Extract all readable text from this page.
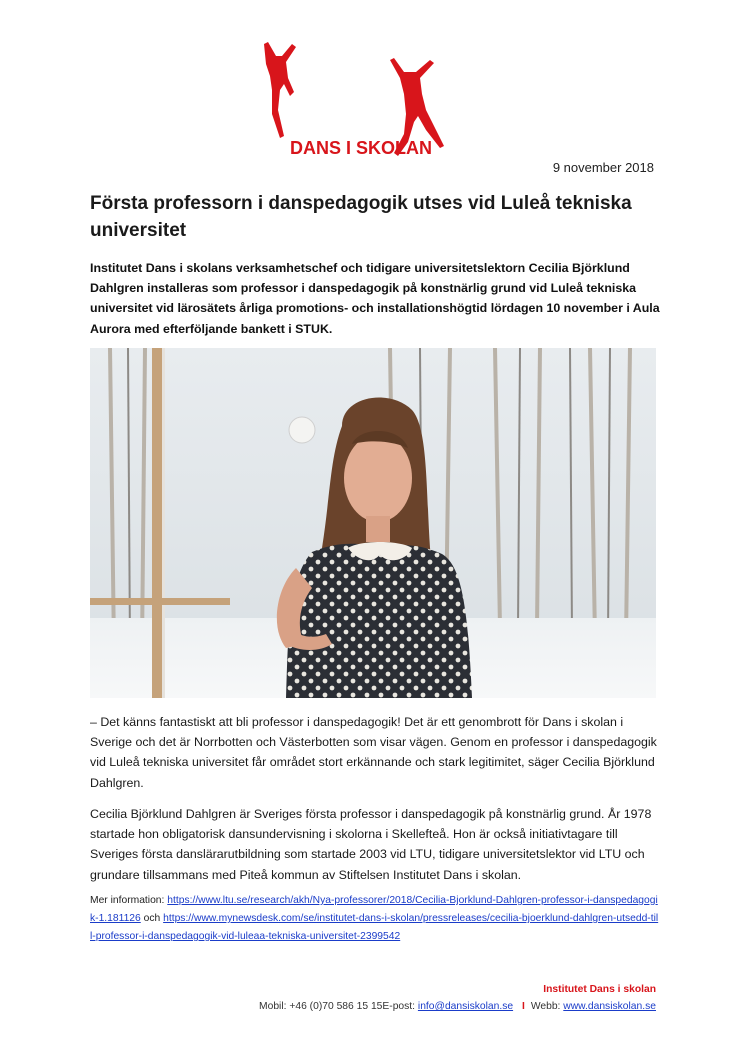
DANS I SKOLAN
9 november 2018
Första professorn i danspedagogik utses vid Luleå tekniska universitet

Institutet Dans i skolans verksamhetschef och tidigare universitetslektorn Cecilia Björklund Dahlgren installeras som professor i danspedagogik på konstnärlig grund vid Luleå tekniska universitet vid lärosätets årliga promotions- och installationshögtid lördagen 10 november i Aula Aurora med efterföljande bankett i STUK.

– Det känns fantastiskt att bli professor i danspedagogik! Det är ett genombrott för Dans i skolan i Sverige och det är Norrbotten och Västerbotten som visar vägen. Genom en professor i danspedagogik vid Luleå tekniska universitet får området stort erkännande och stark legitimitet, säger Cecilia Björklund Dahlgren.

Cecilia Björklund Dahlgren är Sveriges första professor i danspedagogik på konstnärlig grund. År 1978 startade hon obligatorisk dansundervisning i skolorna i Skellefteå. Hon är också initiativtagare till Sveriges första danslärarutbildning som startade 2003 vid LTU, tidigare universitetslektor vid LTU och grundare tillsammans med Piteå kommun av Stiftelsen Institutet Dans i skolan.

Mer information: https://www.ltu.se/research/akh/Nya-professorer/2018/Cecilia-Bjorklund-Dahlgren-professor-i-danspedagogik-1.181126 och https://www.mynewsdesk.com/se/institutet-dans-i-skolan/pressreleases/cecilia-bjoerklund-dahlgren-utsedd-till-professor-i-danspedagogik-vid-luleaa-tekniska-universitet-2399542

Institutet Dans i skolan
Mobil: +46 (0)70 586 15 15E-post: info@dansiskolan.se I Webb: www.dansiskolan.se
